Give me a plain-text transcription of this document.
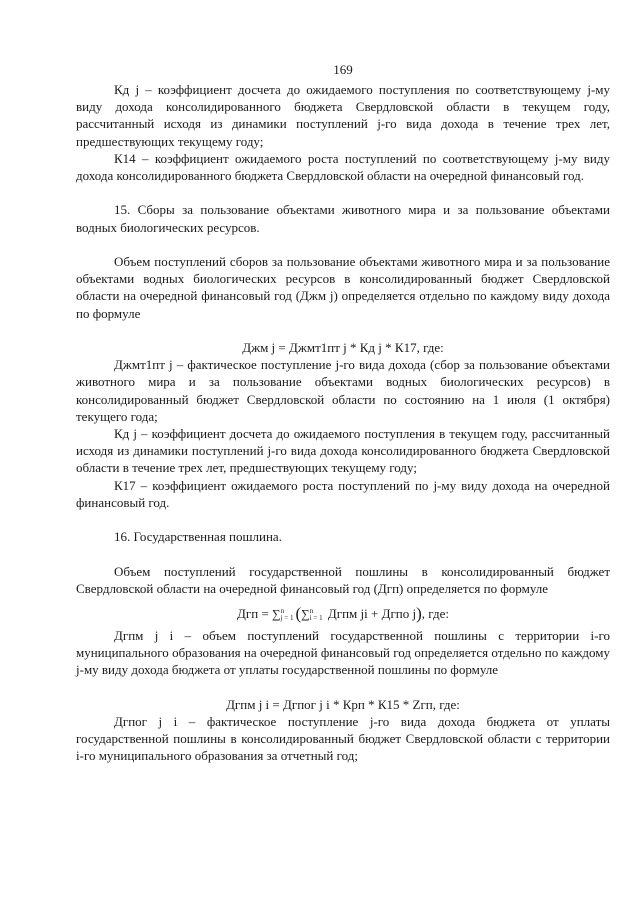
169

Кд j – коэффициент досчета до ожидаемого поступления по соответствующему j-му виду дохода консолидированного бюджета Свердловской области в текущем году, рассчитанный исходя из динамики поступлений j-го вида дохода в течение трех лет, предшествующих текущему году;

К14 – коэффициент ожидаемого роста поступлений по соответствующему j-му виду дохода консолидированного бюджета Свердловской области на очередной финансовый год.

15. Сборы за пользование объектами животного мира и за пользование объектами водных биологических ресурсов.

Объем поступлений сборов за пользование объектами животного мира и за пользование объектами водных биологических ресурсов в консолидированный бюджет Свердловской области на очередной финансовый год (Джм j) определяется отдельно по каждому виду дохода по формуле

Джм j = Джмт1пт j * Кд j * К17, где:

Джмт1пт j – фактическое поступление j-го вида дохода (сбор за пользование объектами животного мира и за пользование объектами водных биологических ресурсов) в консолидированный бюджет Свердловской области по состоянию на 1 июля (1 октября) текущего года;

Кд j – коэффициент досчета до ожидаемого поступления в текущем году, рассчитанный исходя из динамики поступлений j-го вида дохода консолидированного бюджета Свердловской области в течение трех лет, предшествующих текущему году;

К17 – коэффициент ожидаемого роста поступлений по j-му виду дохода на очередной финансовый год.

16. Государственная пошлина.

Объем поступлений государственной пошлины в консолидированный бюджет Свердловской области на очередной финансовый год (Дгп) определяется по формуле

Дгп = ∑ n
j = 1 (∑ n
i = 1 Дгпм ji + Дгпо j), где:

Дгпм j i – объем поступлений государственной пошлины с территории i-го муниципального образования на очередной финансовый год определяется отдельно по каждому j-му виду дохода бюджета от уплаты государственной пошлины по формуле

Дгпм j i = Дгпог j i * Крп * К15 * Zгп, где:

Дгпог j i – фактическое поступление j-го вида дохода бюджета от уплаты государственной пошлины в консолидированный бюджет Свердловской области с территории i-го муниципального образования за отчетный год;
